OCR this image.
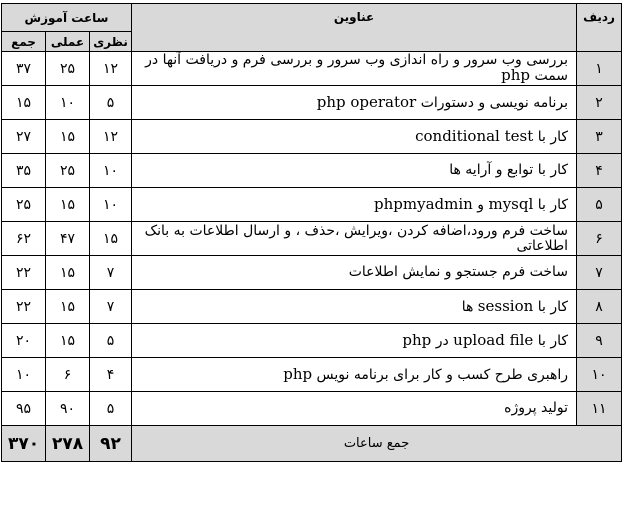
ردیف	عناوین	ساعت آموزش		
		نظری	عملی	جمع
۱	بررسی وب سرور و راه اندازی وب سرور و بررسی فرم و دریافت آنها در سمت php	۱۲	۲۵	۳۷
۲	برنامه نویسی و دستورات php operator	۵	۱۰	۱۵
۳	کار با conditional test	۱۲	۱۵	۲۷
۴	کار با توابع و آرایه ها	۱۰	۲۵	۳۵
۵	کار با mysql و phpmyadmin	۱۰	۱۵	۲۵
۶	ساخت فرم ورود،اضافه کردن ،ویرایش ،حذف ، و ارسال اطلاعات به بانک اطلاعاتی	۱۵	۴۷	۶۲
۷	ساخت فرم جستجو و نمایش اطلاعات	۷	۱۵	۲۲
۸	کار با session ها	۷	۱۵	۲۲
۹	کار با upload file در php	۵	۱۵	۲۰
۱۰	راهبری طرح کسب و کار برای برنامه نویس php	۴	۶	۱۰
۱۱	تولید پروژه	۵	۹۰	۹۵
جمع ساعات		۹۲	۲۷۸	۳۷۰
